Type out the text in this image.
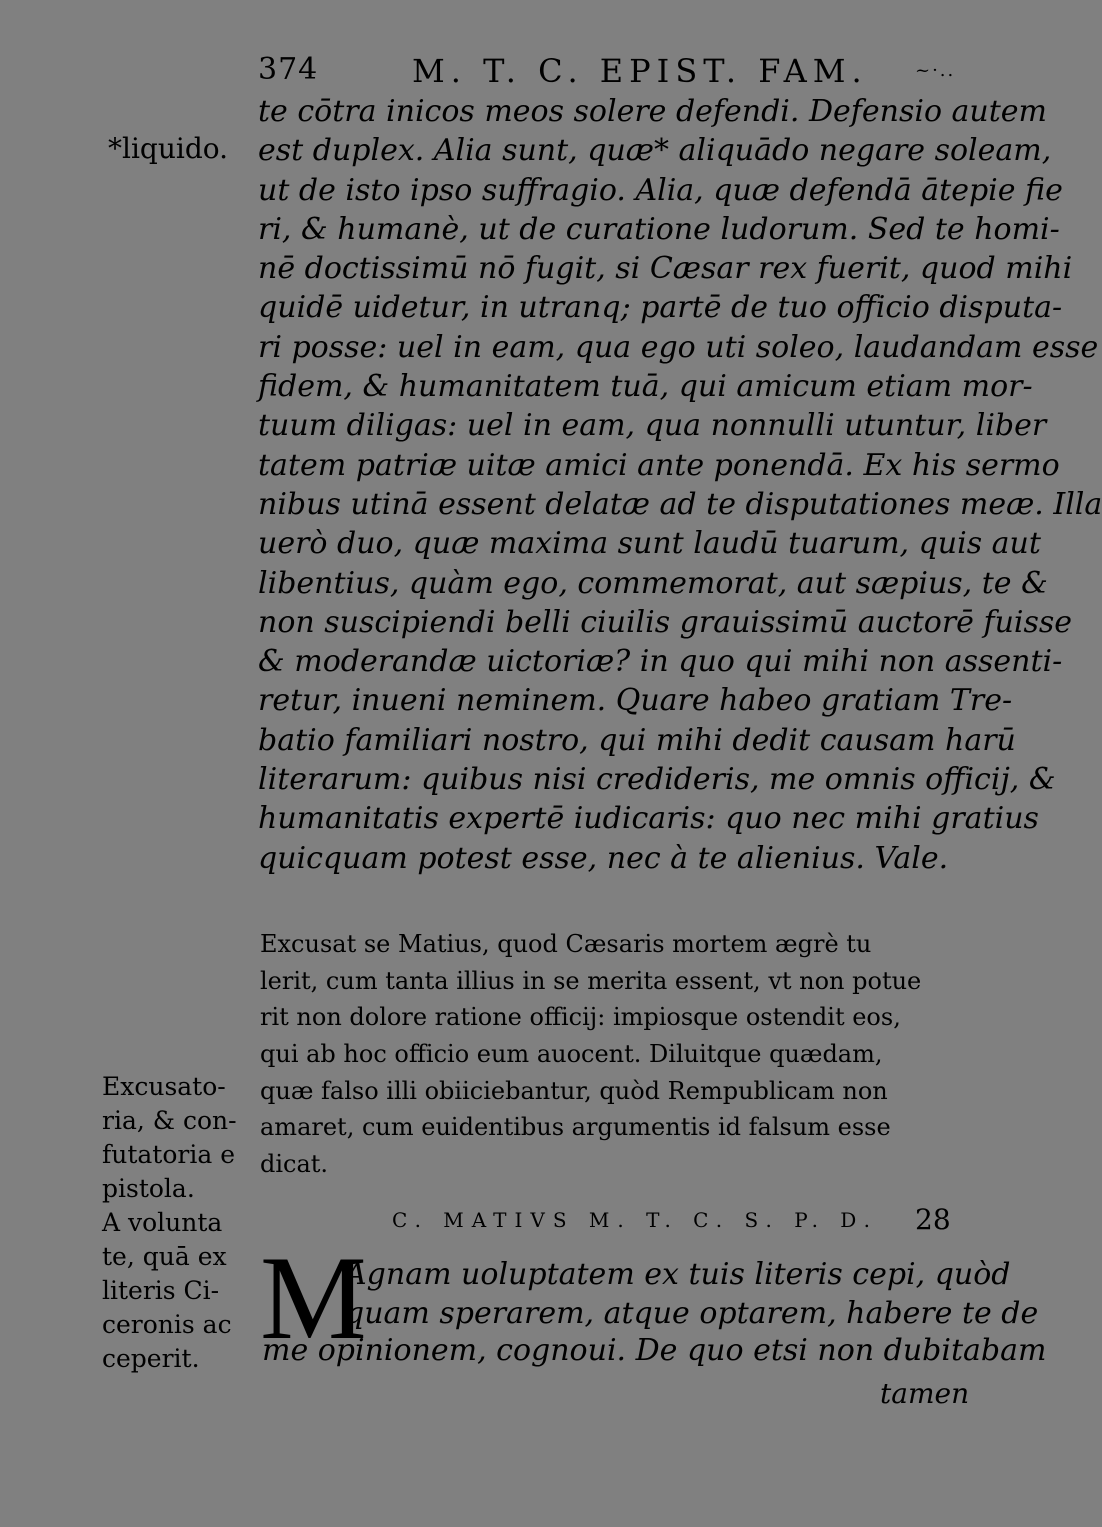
374	M. T. C. EPIST. FAM.	~·..
*liquido.
te cōtra inicos meos solere defendi. Defensio autem
est duplex. Alia sunt, quæ* aliquādo negare soleam,
ut de isto ipso suffragio. Alia, quæ defendā ātepie fie
ri, & humanè, ut de curatione ludorum. Sed te homi-
nē doctissimū nō fugit, si Cæsar rex fuerit, quod mihi
quidē uidetur, in utranq; partē de tuo officio disputa-
ri posse: uel in eam, qua ego uti soleo, laudandam esse
fidem, & humanitatem tuā, qui amicum etiam mor-
tuum diligas: uel in eam, qua nonnulli utuntur, liber
tatem patriæ uitæ amici ante ponendā. Ex his sermo
nibus utinā essent delatæ ad te disputationes meæ. Illa
uerò duo, quæ maxima sunt laudū tuarum, quis aut
libentius, quàm ego, commemorat, aut sæpius, te &
non suscipiendi belli ciuilis grauissimū auctorē fuisse
& moderandæ uictoriæ? in quo qui mihi non assenti-
retur, inueni neminem. Quare habeo gratiam Tre-
batio familiari nostro, qui mihi dedit causam harū
literarum: quibus nisi credideris, me omnis officij, &
humanitatis expertē iudicaris: quo nec mihi gratius
quicquam potest esse, nec à te alienius. Vale.
Excusat se Matius, quod Cæsaris mortem ægrè tu
lerit, cum tanta illius in se merita essent, vt non potue
rit non dolore ratione officij: impiosque ostendit eos,
qui ab hoc officio eum auocent. Diluitque quædam,
quæ falso illi obiiciebantur, quòd Rempublicam non
amaret, cum euidentibus argumentis id falsum esse
dicat.
Excusato-
ria, & con-
futatoria e
pistola.
A volunta
te, quā ex
literis Ci-
ceronis ac
ceperit.
C. MATIVS M. T. C. S. P. D. 28
M
Agnam uoluptatem ex tuis literis cepi, quòd
quam sperarem, atque optarem, habere te de
me opinionem, cognoui. De quo etsi non dubitabam
tamen
